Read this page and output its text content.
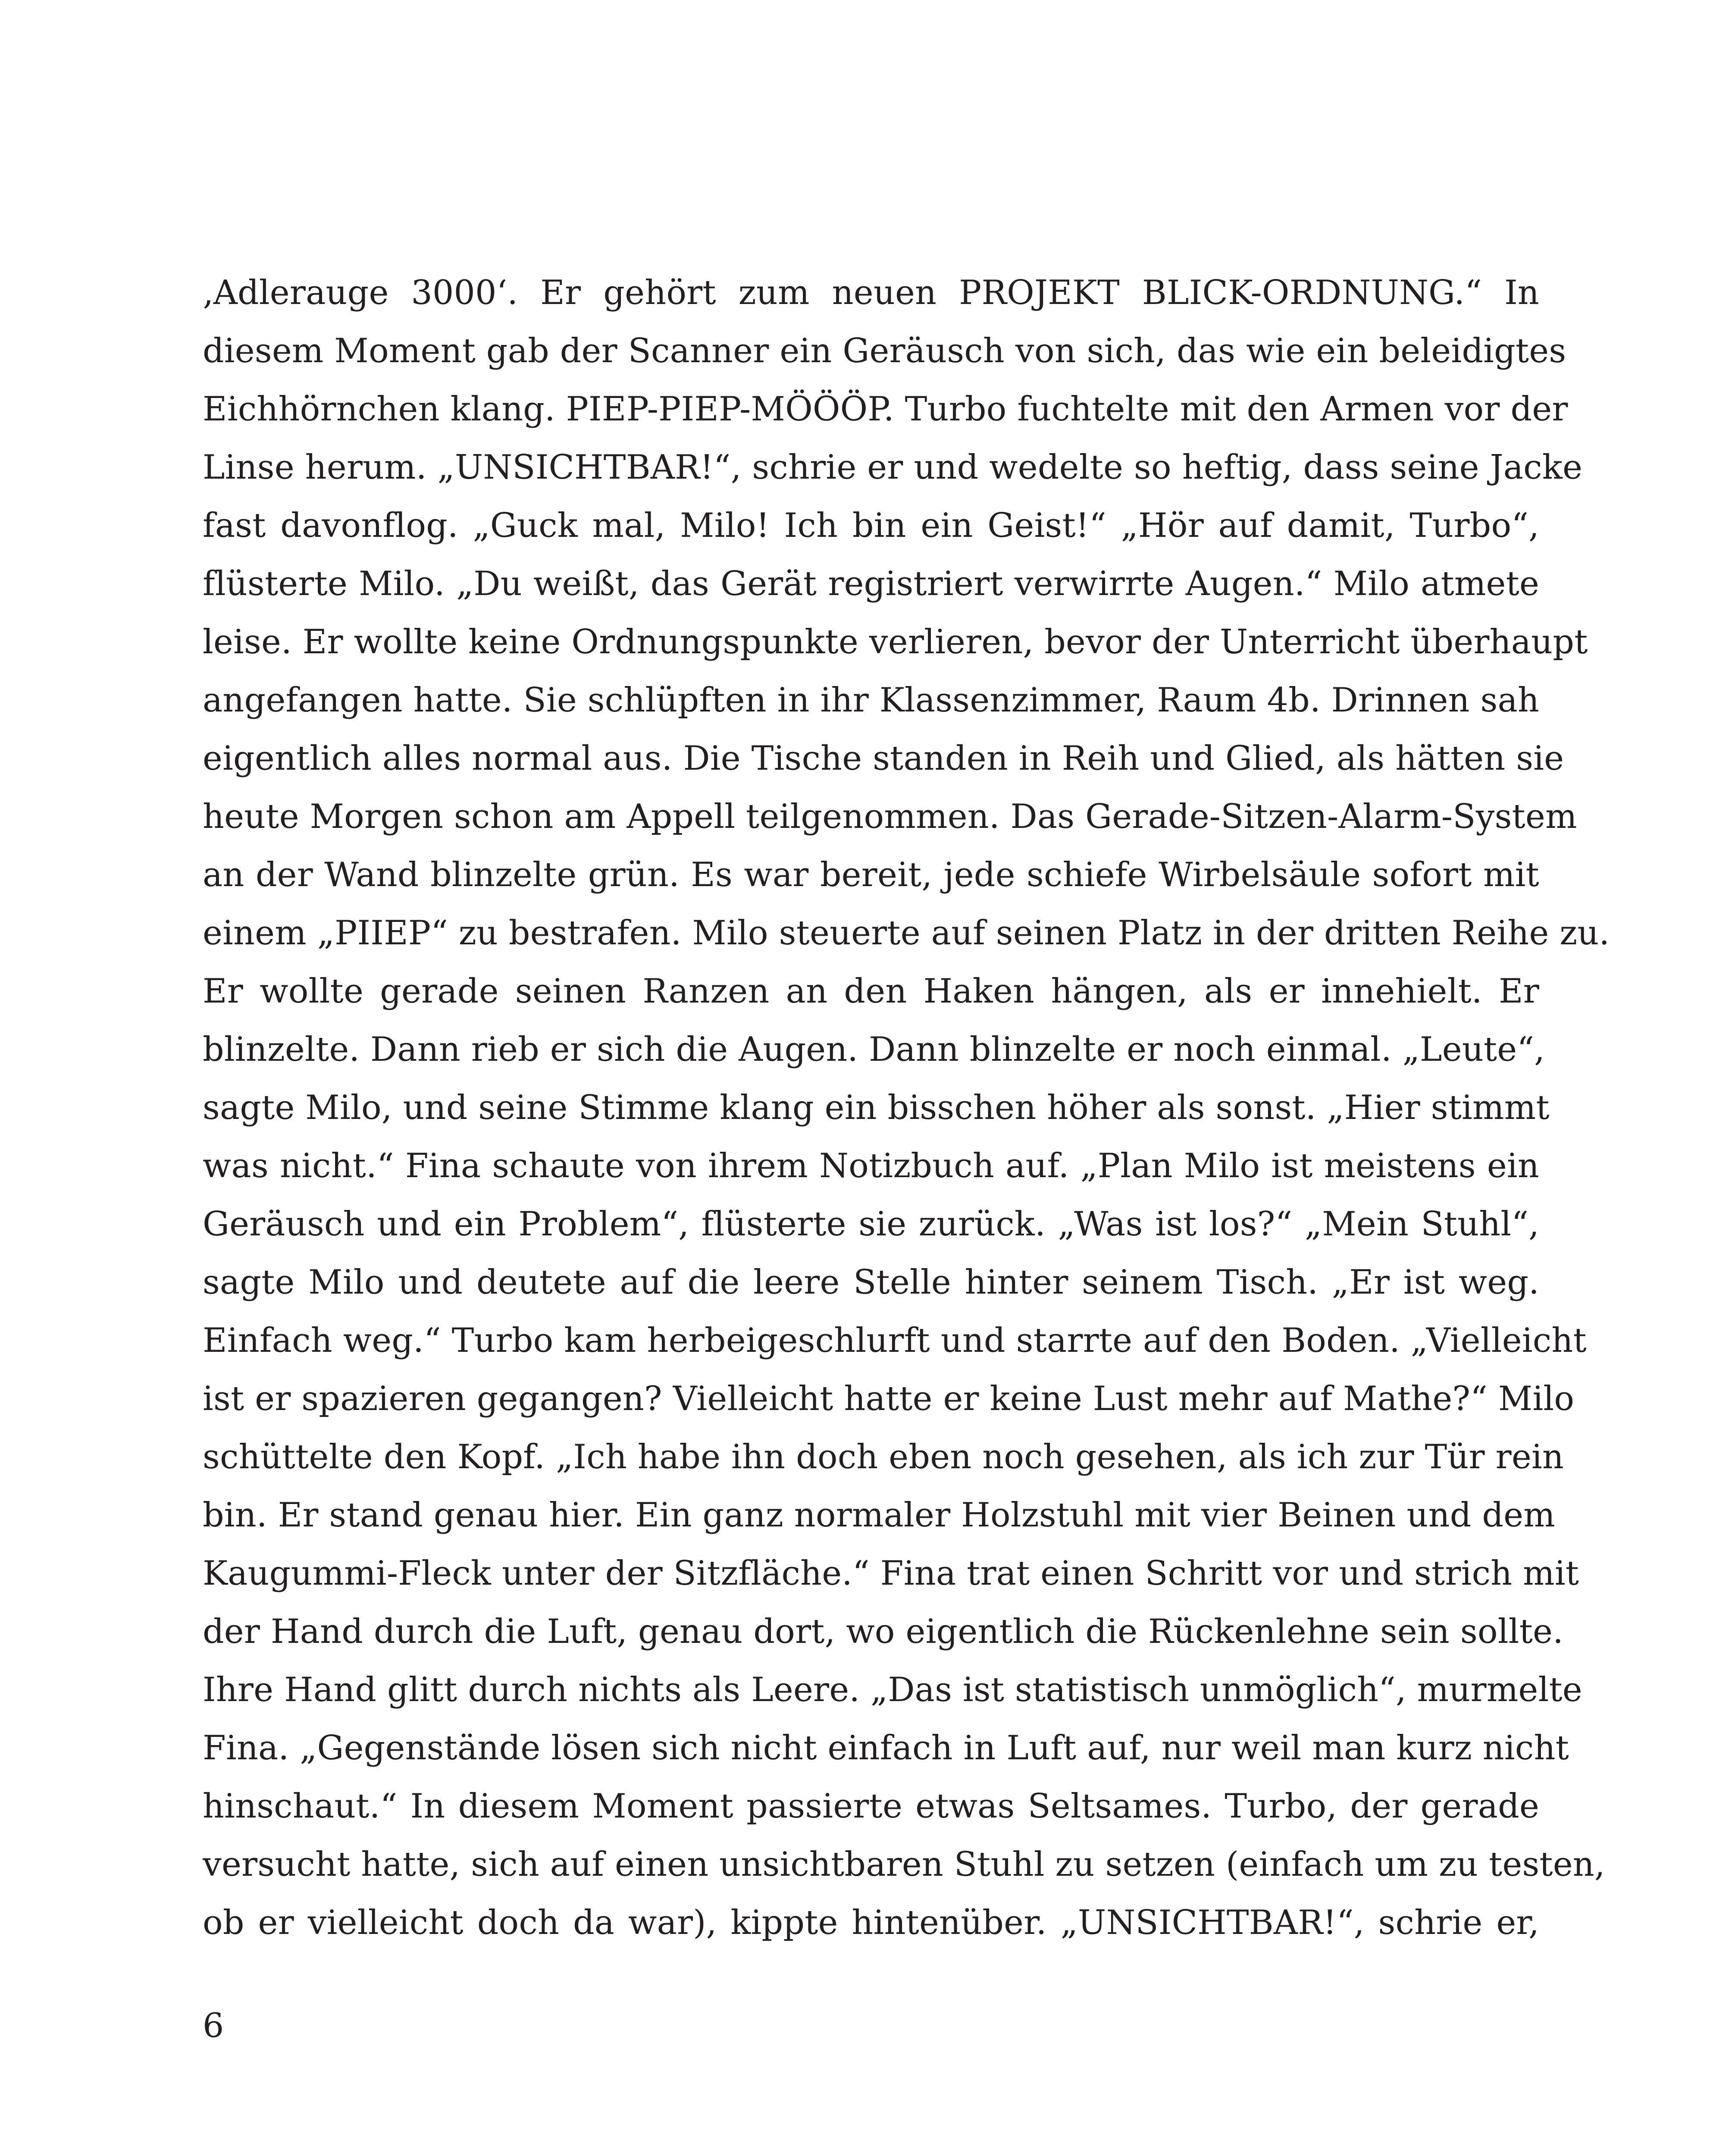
‚Adlerauge 3000‘. Er gehört zum neuen PROJEKT BLICK-ORDNUNG.“ In
diesem Moment gab der Scanner ein Geräusch von sich, das wie ein beleidigtes
Eichhörnchen klang. PIEP-PIEP-MÖÖÖP. Turbo fuchtelte mit den Armen vor der
Linse herum. „UNSICHTBAR!“, schrie er und wedelte so heftig, dass seine Jacke
fast davonflog. „Guck mal, Milo! Ich bin ein Geist!“ „Hör auf damit, Turbo“,
flüsterte Milo. „Du weißt, das Gerät registriert verwirrte Augen.“ Milo atmete
leise. Er wollte keine Ordnungspunkte verlieren, bevor der Unterricht überhaupt
angefangen hatte. Sie schlüpften in ihr Klassenzimmer, Raum 4b. Drinnen sah
eigentlich alles normal aus. Die Tische standen in Reih und Glied, als hätten sie
heute Morgen schon am Appell teilgenommen. Das Gerade-Sitzen-Alarm-System
an der Wand blinzelte grün. Es war bereit, jede schiefe Wirbelsäule sofort mit
einem „PIIEP“ zu bestrafen. Milo steuerte auf seinen Platz in der dritten Reihe zu.
Er wollte gerade seinen Ranzen an den Haken hängen, als er innehielt. Er
blinzelte. Dann rieb er sich die Augen. Dann blinzelte er noch einmal. „Leute“,
sagte Milo, und seine Stimme klang ein bisschen höher als sonst. „Hier stimmt
was nicht.“ Fina schaute von ihrem Notizbuch auf. „Plan Milo ist meistens ein
Geräusch und ein Problem“, flüsterte sie zurück. „Was ist los?“ „Mein Stuhl“,
sagte Milo und deutete auf die leere Stelle hinter seinem Tisch. „Er ist weg.
Einfach weg.“ Turbo kam herbeigeschlurft und starrte auf den Boden. „Vielleicht
ist er spazieren gegangen? Vielleicht hatte er keine Lust mehr auf Mathe?“ Milo
schüttelte den Kopf. „Ich habe ihn doch eben noch gesehen, als ich zur Tür rein
bin. Er stand genau hier. Ein ganz normaler Holzstuhl mit vier Beinen und dem
Kaugummi-Fleck unter der Sitzfläche.“ Fina trat einen Schritt vor und strich mit
der Hand durch die Luft, genau dort, wo eigentlich die Rückenlehne sein sollte.
Ihre Hand glitt durch nichts als Leere. „Das ist statistisch unmöglich“, murmelte
Fina. „Gegenstände lösen sich nicht einfach in Luft auf, nur weil man kurz nicht
hinschaut.“ In diesem Moment passierte etwas Seltsames. Turbo, der gerade
versucht hatte, sich auf einen unsichtbaren Stuhl zu setzen (einfach um zu testen,
ob er vielleicht doch da war), kippte hintenüber. „UNSICHTBAR!“, schrie er,
6
